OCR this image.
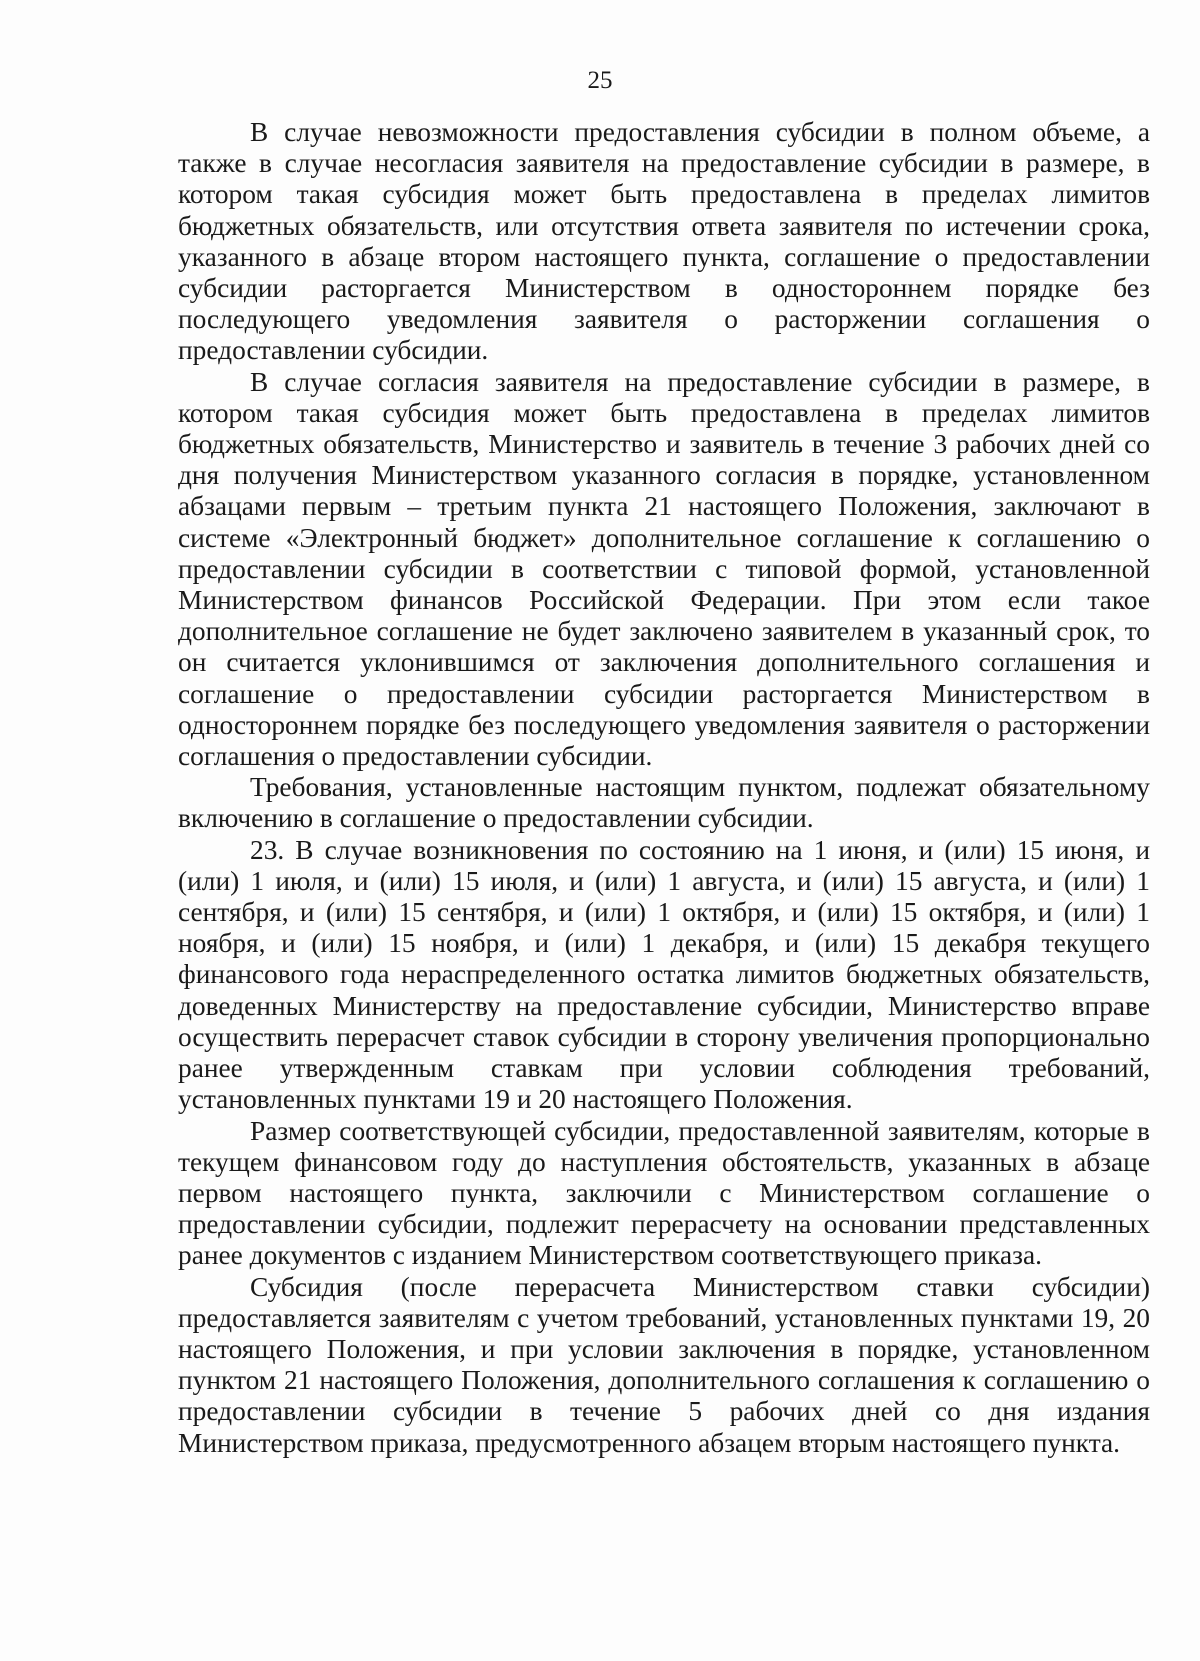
25

В случае невозможности предоставления субсидии в полном объеме, а также в случае несогласия заявителя на предоставление субсидии в размере, в котором такая субсидия может быть предоставлена в пределах лимитов бюджетных обязательств, или отсутствия ответа заявителя по истечении срока, указанного в абзаце втором настоящего пункта, соглашение о предоставлении субсидии расторгается Министерством в одностороннем порядке без последующего уведомления заявителя о расторжении соглашения о предоставлении субсидии.

В случае согласия заявителя на предоставление субсидии в размере, в котором такая субсидия может быть предоставлена в пределах лимитов бюджетных обязательств, Министерство и заявитель в течение 3 рабочих дней со дня получения Министерством указанного согласия в порядке, установленном абзацами первым – третьим пункта 21 настоящего Положения, заключают в системе «Электронный бюджет» дополнительное соглашение к соглашению о предоставлении субсидии в соответствии с типовой формой, установленной Министерством финансов Российской Федерации. При этом если такое дополнительное соглашение не будет заключено заявителем в указанный срок, то он считается уклонившимся от заключения дополнительного соглашения и соглашение о предоставлении субсидии расторгается Министерством в одностороннем порядке без последующего уведомления заявителя о расторжении соглашения о предоставлении субсидии.

Требования, установленные настоящим пунктом, подлежат обязательному включению в соглашение о предоставлении субсидии.

23. В случае возникновения по состоянию на 1 июня, и (или) 15 июня, и (или) 1 июля, и (или) 15 июля, и (или) 1 августа, и (или) 15 августа, и (или) 1 сентября, и (или) 15 сентября, и (или) 1 октября, и (или) 15 октября, и (или) 1 ноября, и (или) 15 ноября, и (или) 1 декабря, и (или) 15 декабря текущего финансового года нераспределенного остатка лимитов бюджетных обязательств, доведенных Министерству на предоставление субсидии, Министерство вправе осуществить перерасчет ставок субсидии в сторону увеличения пропорционально ранее утвержденным ставкам при условии соблюдения требований, установленных пунктами 19 и 20 настоящего Положения.

Размер соответствующей субсидии, предоставленной заявителям, которые в текущем финансовом году до наступления обстоятельств, указанных в абзаце первом настоящего пункта, заключили с Министерством соглашение о предоставлении субсидии, подлежит перерасчету на основании представленных ранее документов с изданием Министерством соответствующего приказа.

Субсидия (после перерасчета Министерством ставки субсидии) предоставляется заявителям с учетом требований, установленных пунктами 19, 20 настоящего Положения, и при условии заключения в порядке, установленном пунктом 21 настоящего Положения, дополнительного соглашения к соглашению о предоставлении субсидии в течение 5 рабочих дней со дня издания Министерством приказа, предусмотренного абзацем вторым настоящего пункта.
